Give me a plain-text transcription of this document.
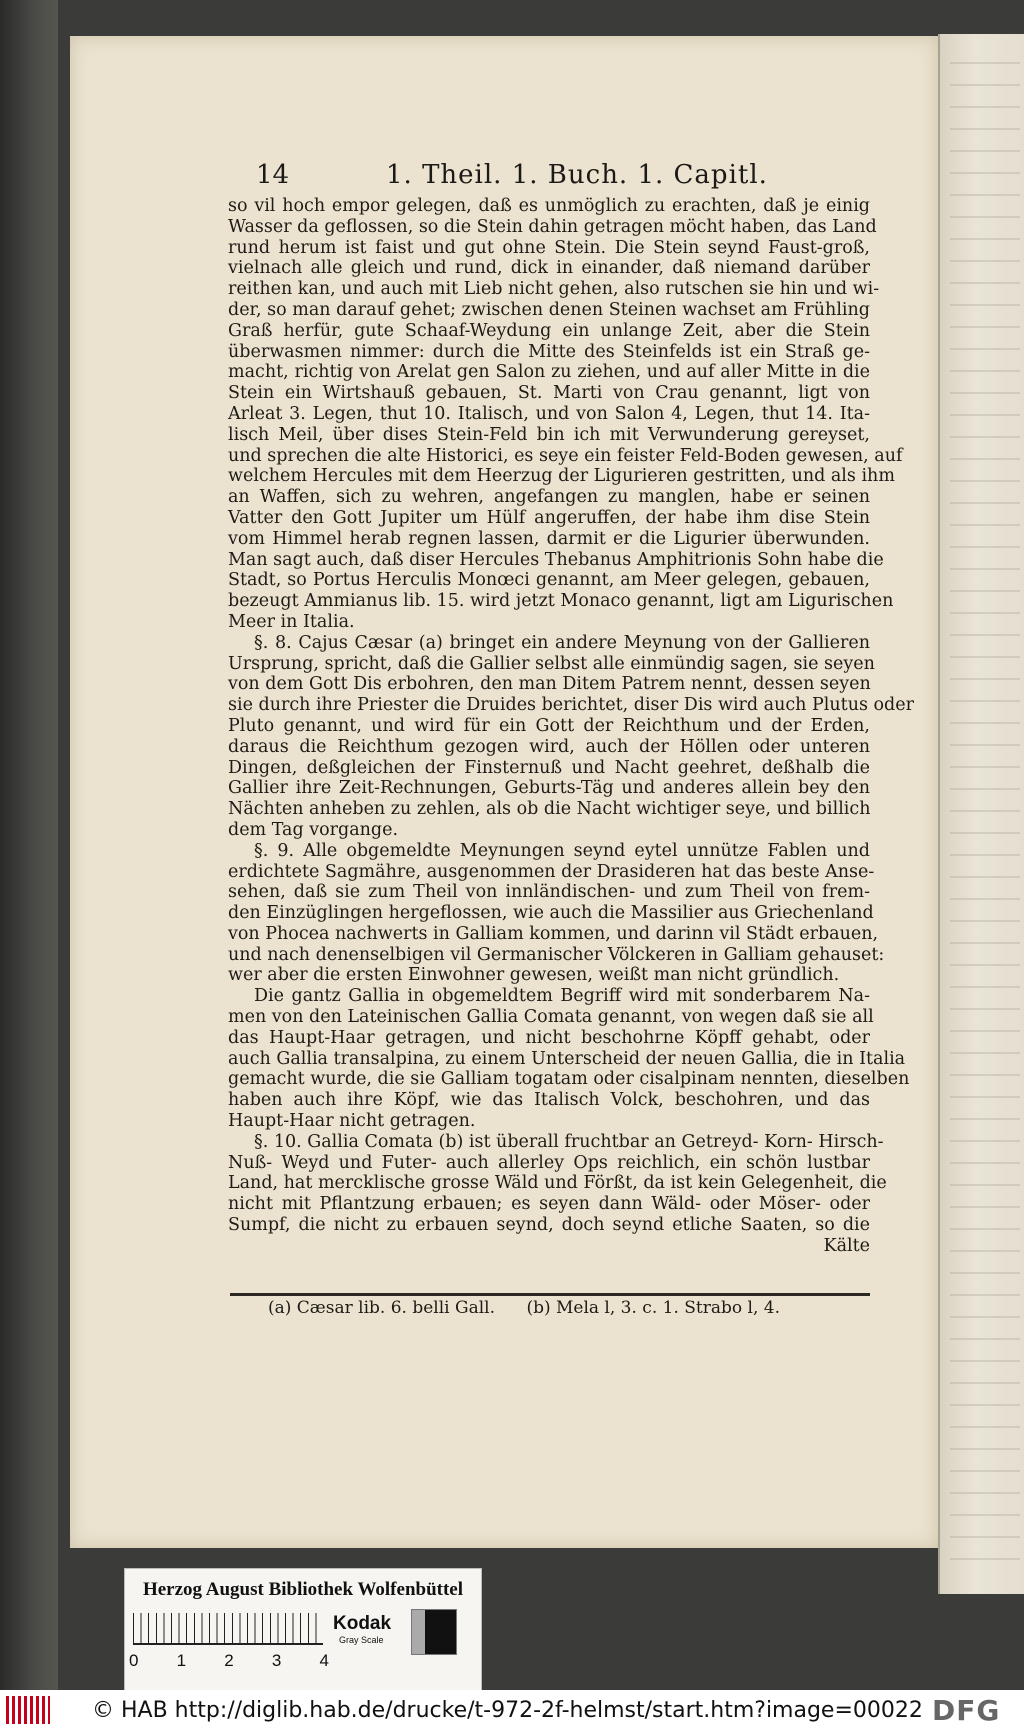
14	1. Theil. 1. Buch. 1. Capitl.
so vil hoch empor gelegen, daß es unmöglich zu erachten, daß je einig
Wasser da geflossen, so die Stein dahin getragen möcht haben, das Land
rund herum ist faist und gut ohne Stein. Die Stein seynd Faust-groß,
vielnach alle gleich und rund, dick in einander, daß niemand darüber
reithen kan, und auch mit Lieb nicht gehen, also rutschen sie hin und wi-
der, so man darauf gehet; zwischen denen Steinen wachset am Frühling
Graß herfür, gute Schaaf-Weydung ein unlange Zeit, aber die Stein
überwasmen nimmer: durch die Mitte des Steinfelds ist ein Straß ge-
macht, richtig von Arelat gen Salon zu ziehen, und auf aller Mitte in die
Stein ein Wirtshauß gebauen, St. Marti von Crau genannt, ligt von
Arleat 3. Legen, thut 10. Italisch, und von Salon 4, Legen, thut 14. Ita-
lisch Meil, über dises Stein-Feld bin ich mit Verwunderung gereyset,
und sprechen die alte Historici, es seye ein feister Feld-Boden gewesen, auf
welchem Hercules mit dem Heerzug der Ligurieren gestritten, und als ihm
an Waffen, sich zu wehren, angefangen zu manglen, habe er seinen
Vatter den Gott Jupiter um Hülf angeruffen, der habe ihm dise Stein
vom Himmel herab regnen lassen, darmit er die Ligurier überwunden.
Man sagt auch, daß diser Hercules Thebanus Amphitrionis Sohn habe die
Stadt, so Portus Herculis Monœci genannt, am Meer gelegen, gebauen,
bezeugt Ammianus lib. 15. wird jetzt Monaco genannt, ligt am Ligurischen
Meer in Italia.
§. 8. Cajus Cæsar (a) bringet ein andere Meynung von der Gallieren
Ursprung, spricht, daß die Gallier selbst alle einmündig sagen, sie seyen
von dem Gott Dis erbohren, den man Ditem Patrem nennt, dessen seyen
sie durch ihre Priester die Druides berichtet, diser Dis wird auch Plutus oder
Pluto genannt, und wird für ein Gott der Reichthum und der Erden,
daraus die Reichthum gezogen wird, auch der Höllen oder unteren
Dingen, deßgleichen der Finsternuß und Nacht geehret, deßhalb die
Gallier ihre Zeit-Rechnungen, Geburts-Täg und anderes allein bey den
Nächten anheben zu zehlen, als ob die Nacht wichtiger seye, und billich
dem Tag vorgange.
§. 9. Alle obgemeldte Meynungen seynd eytel unnütze Fablen und
erdichtete Sagmähre, ausgenommen der Drasideren hat das beste Anse-
sehen, daß sie zum Theil von innländischen- und zum Theil von frem-
den Einzüglingen hergeflossen, wie auch die Massilier aus Griechenland
von Phocea nachwerts in Galliam kommen, und darinn vil Städt erbauen,
und nach denenselbigen vil Germanischer Völckeren in Galliam gehauset:
wer aber die ersten Einwohner gewesen, weißt man nicht gründlich.
Die gantz Gallia in obgemeldtem Begriff wird mit sonderbarem Na-
men von den Lateinischen Gallia Comata genannt, von wegen daß sie all
das Haupt-Haar getragen, und nicht beschohrne Köpff gehabt, oder
auch Gallia transalpina, zu einem Unterscheid der neuen Gallia, die in Italia
gemacht wurde, die sie Galliam togatam oder cisalpinam nennten, dieselben
haben auch ihre Köpf, wie das Italisch Volck, beschohren, und das
Haupt-Haar nicht getragen.
§. 10. Gallia Comata (b) ist überall fruchtbar an Getreyd- Korn- Hirsch-
Nuß- Weyd und Futer- auch allerley Ops reichlich, ein schön lustbar
Land, hat mercklische grosse Wäld und Förßt, da ist kein Gelegenheit, die
nicht mit Pflantzung erbauen; es seyen dann Wäld- oder Möser- oder
Sumpf, die nicht zu erbauen seynd, doch seynd etliche Saaten, so die
Kälte
(a) Cæsar lib. 6. belli Gall. (b) Mela l, 3. c. 1. Strabo l, 4.
Herzog August Bibliothek Wolfenbüttel
0 1 2 3 4
Kodak
Gray Scale
© HAB http://diglib.hab.de/drucke/t-972-2f-helmst/start.htm?image=00022 DFG
